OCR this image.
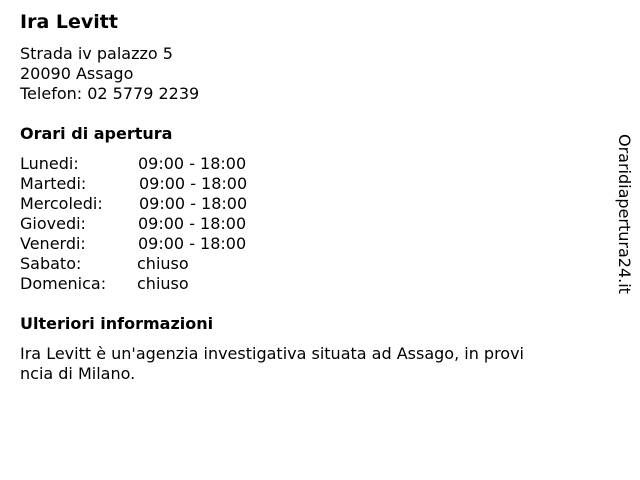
Ira Levitt
Strada iv palazzo 5
20090 Assago
Telefon: 02 5779 2239
Orari di apertura
Lunedi:	09:00 - 18:00
Martedi:	09:00 - 18:00
Mercoledi: 09:00 - 18:00
Giovedi:	09:00 - 18:00
Venerdi:	09:00 - 18:00
Sabato:	chiuso
Domenica: chiuso
Ulteriori informazioni
Ira Levitt è un'agenzia investigativa situata ad Assago, in provi
ncia di Milano.
Oraridiapertura24.it
